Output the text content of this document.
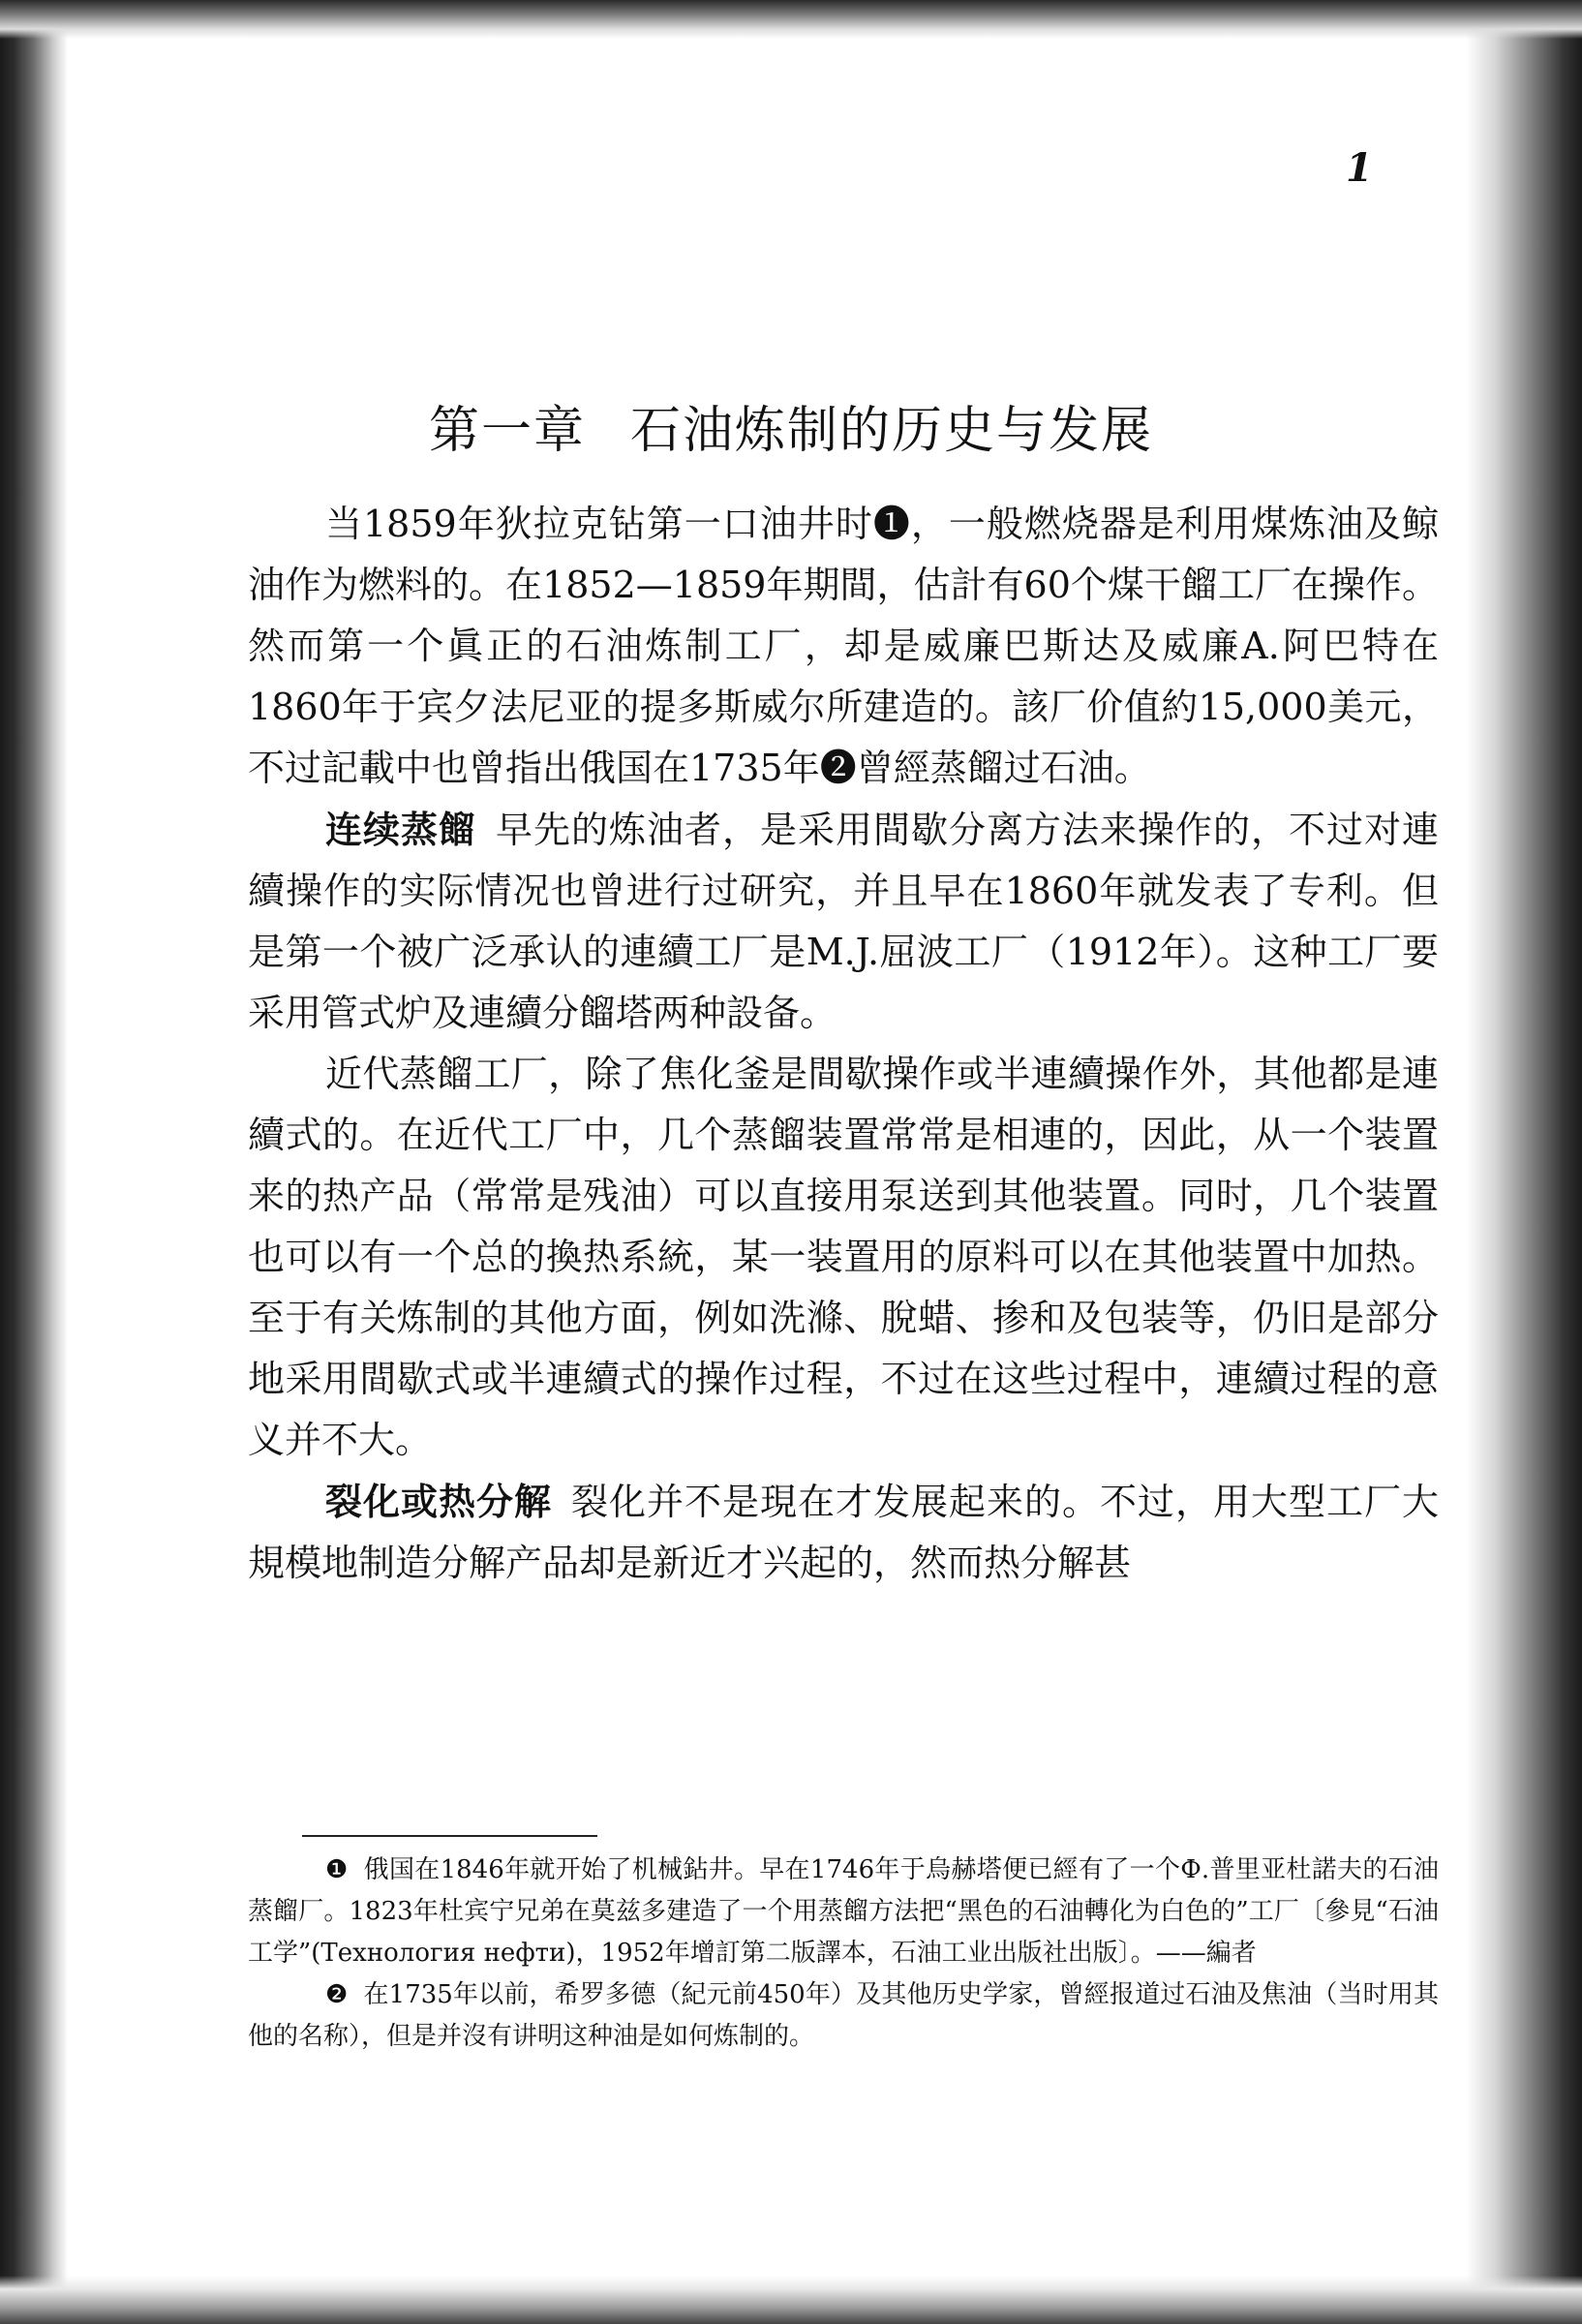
1
第一章 石油炼制的历史与发展

当1859年狄拉克钻第一口油井时❶，一般燃烧器是利用煤炼油及鲸油作为燃料的。在1852—1859年期間，估計有60个煤干餾工厂在操作。然而第一个眞正的石油炼制工厂，却是威廉巴斯达及威廉A.阿巴特在1860年于宾夕法尼亚的提多斯威尔所建造的。該厂价值約15,000美元，不过記載中也曾指出俄国在1735年❷曾經蒸餾过石油。

连续蒸餾 早先的炼油者，是采用間歇分离方法来操作的，不过对連續操作的实际情况也曾进行过研究，并且早在1860年就发表了专利。但是第一个被广泛承认的連續工厂是M.J.屈波工厂（1912年）。这种工厂要采用管式炉及連續分餾塔两种設备。

近代蒸餾工厂，除了焦化釜是間歇操作或半連續操作外，其他都是連續式的。在近代工厂中，几个蒸餾装置常常是相連的，因此，从一个装置来的热产品（常常是残油）可以直接用泵送到其他装置。同时，几个装置也可以有一个总的換热系統，某一装置用的原料可以在其他装置中加热。至于有关炼制的其他方面，例如洗滌、脫蜡、掺和及包装等，仍旧是部分地采用間歇式或半連續式的操作过程，不过在这些过程中，連續过程的意义并不大。

裂化或热分解 裂化并不是現在才发展起来的。不过，用大型工厂大規模地制造分解产品却是新近才兴起的，然而热分解甚

❶ 俄国在1846年就开始了机械鉆井。早在1746年于烏赫塔便已經有了一个Ф.普里亚杜諾夫的石油蒸餾厂。1823年杜宾宁兄弟在莫兹多建造了一个用蒸餾方法把“黑色的石油轉化为白色的”工厂〔參見“石油工学”(Технология нефти)，1952年增訂第二版譯本，石油工业出版社出版〕。——編者

❷ 在1735年以前，希罗多德（紀元前450年）及其他历史学家，曾經报道过石油及焦油（当时用其他的名称），但是并沒有讲明这种油是如何炼制的。
